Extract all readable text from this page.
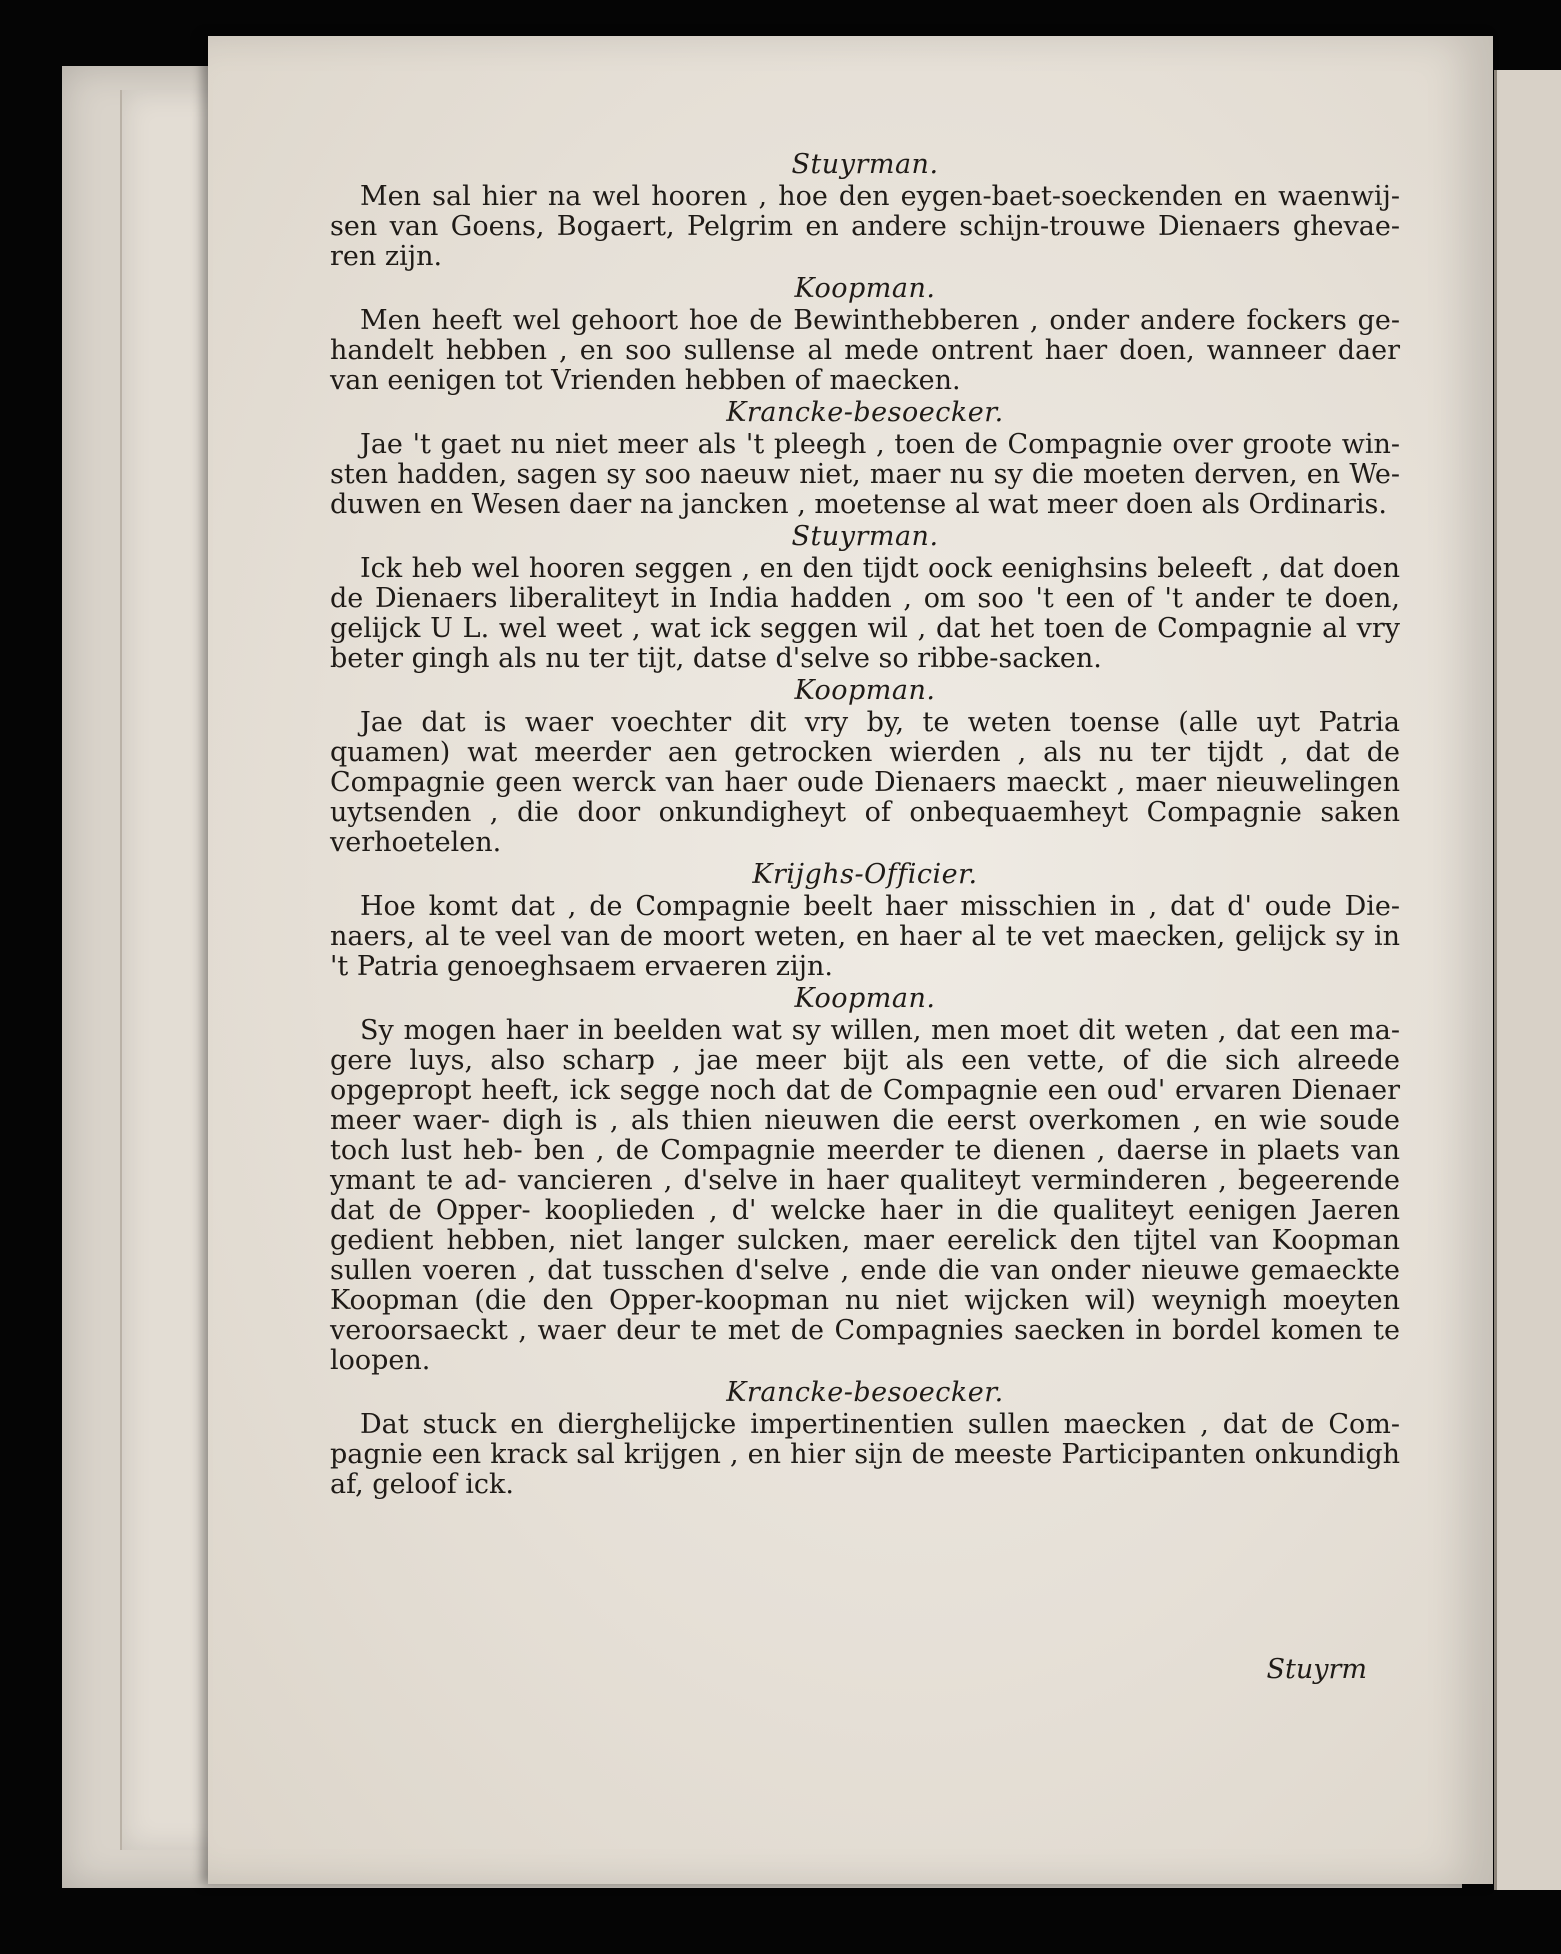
Stuyrman.
Men sal hier na wel hooren , hoe den eygen-baet-soeckenden en waenwij- sen van Goens, Bogaert, Pelgrim en andere schijn-trouwe Dienaers ghevae- ren zijn.
Koopman.
Men heeft wel gehoort hoe de Bewinthebberen , onder andere fockers ge- handelt hebben , en soo sullense al mede ontrent haer doen, wanneer daer van eenigen tot Vrienden hebben of maecken.
Krancke-besoecker.
Jae 't gaet nu niet meer als 't pleegh , toen de Compagnie over groote win- sten hadden, sagen sy soo naeuw niet, maer nu sy die moeten derven, en We- duwen en Wesen daer na jancken , moetense al wat meer doen als Ordinaris.
Stuyrman.
Ick heb wel hooren seggen , en den tijdt oock eenighsins beleeft , dat doen de Dienaers liberaliteyt in India hadden , om soo 't een of 't ander te doen, gelijck U L. wel weet , wat ick seggen wil , dat het toen de Compagnie al vry beter gingh als nu ter tijt, datse d'selve so ribbe-sacken.
Koopman.
Jae dat is waer voechter dit vry by, te weten toense (alle uyt Patria quamen) wat meerder aen getrocken wierden , als nu ter tijdt , dat de Compagnie geen werck van haer oude Dienaers maeckt , maer nieuwelingen uytsenden , die door onkundigheyt of onbequaemheyt Compagnie saken verhoetelen.
Krijghs-Officier.
Hoe komt dat , de Compagnie beelt haer misschien in , dat d' oude Die- naers, al te veel van de moort weten, en haer al te vet maecken, gelijck sy in 't Patria genoeghsaem ervaeren zijn.
Koopman.
Sy mogen haer in beelden wat sy willen, men moet dit weten , dat een ma- gere luys, also scharp , jae meer bijt als een vette, of die sich alreede opgepropt heeft, ick segge noch dat de Compagnie een oud' ervaren Dienaer meer waer- digh is , als thien nieuwen die eerst overkomen , en wie soude toch lust heb- ben , de Compagnie meerder te dienen , daerse in plaets van ymant te ad- vancieren , d'selve in haer qualiteyt verminderen , begeerende dat de Opper- kooplieden , d' welcke haer in die qualiteyt eenigen Jaeren gedient hebben, niet langer sulcken, maer eerelick den tijtel van Koopman sullen voeren , dat tusschen d'selve , ende die van onder nieuwe gemaeckte Koopman (die den Opper-koopman nu niet wijcken wil) weynigh moeyten veroorsaeckt , waer deur te met de Compagnies saecken in bordel komen te loopen.
Krancke-besoecker.
Dat stuck en dierghelijcke impertinentien sullen maecken , dat de Com- pagnie een krack sal krijgen , en hier sijn de meeste Participanten onkundigh af, geloof ick.
Stuyrm
